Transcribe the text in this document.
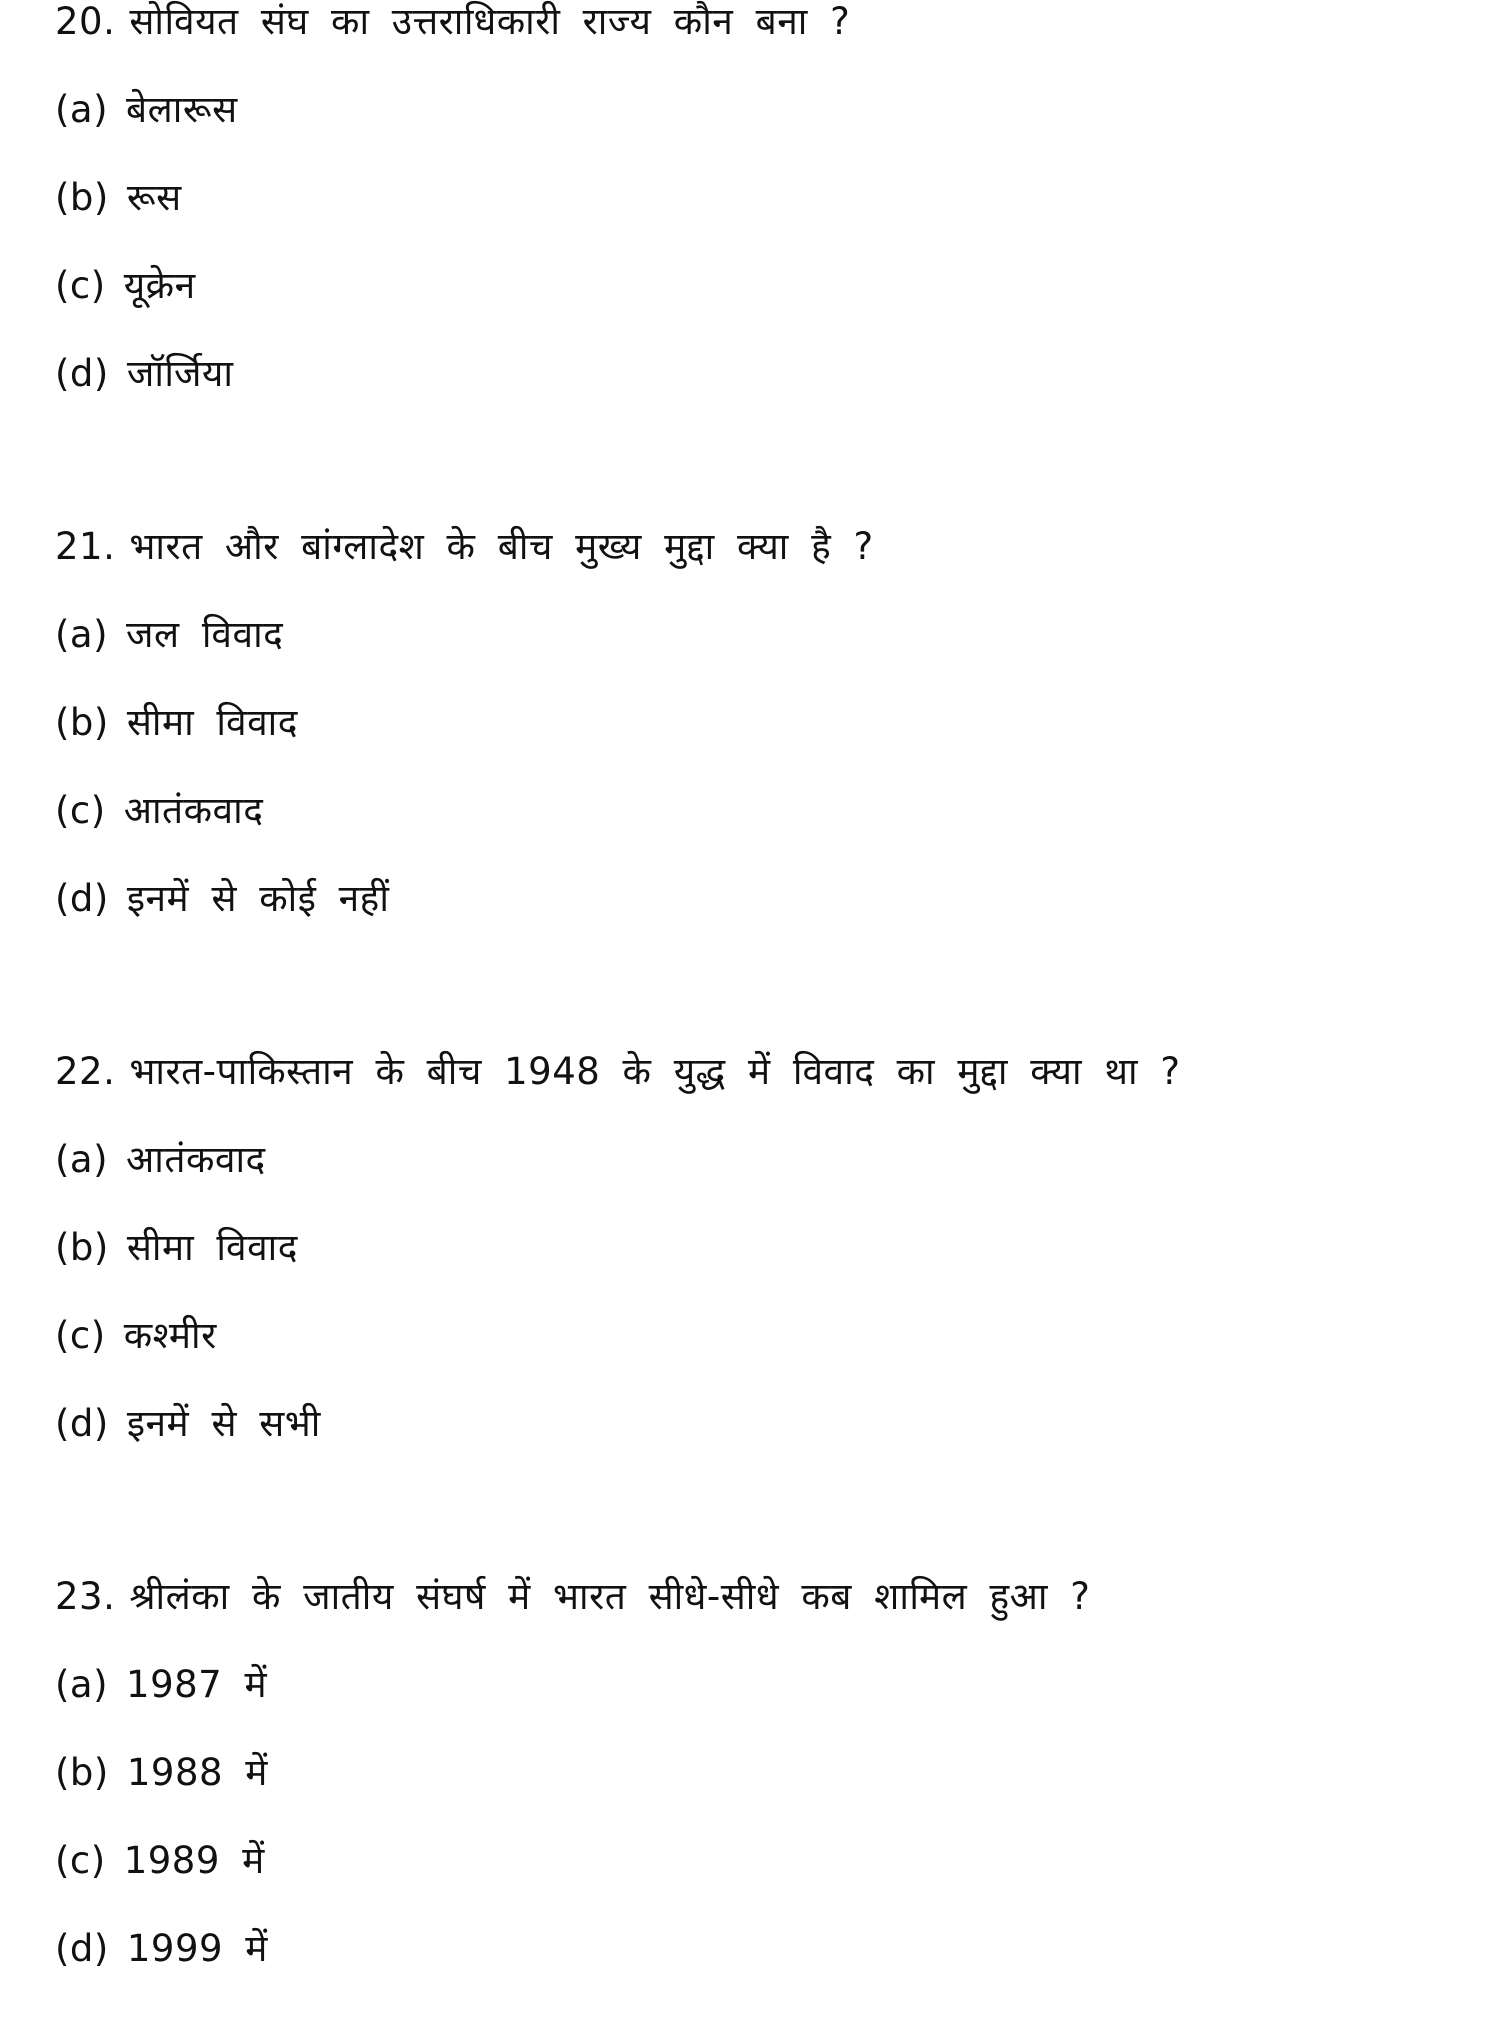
20. सोवियत संघ का उत्तराधिकारी राज्य कौन बना ?
(a) बेलारूस
(b) रूस
(c) यूक्रेन
(d) जॉर्जिया
21. भारत और बांग्लादेश के बीच मुख्य मुद्दा क्या है ?
(a) जल विवाद
(b) सीमा विवाद
(c) आतंकवाद
(d) इनमें से कोई नहीं
22. भारत-पाकिस्तान के बीच 1948 के युद्ध में विवाद का मुद्दा क्या था ?
(a) आतंकवाद
(b) सीमा विवाद
(c) कश्मीर
(d) इनमें से सभी
23. श्रीलंका के जातीय संघर्ष में भारत सीधे-सीधे कब शामिल हुआ ?
(a) 1987 में
(b) 1988 में
(c) 1989 में
(d) 1999 में
